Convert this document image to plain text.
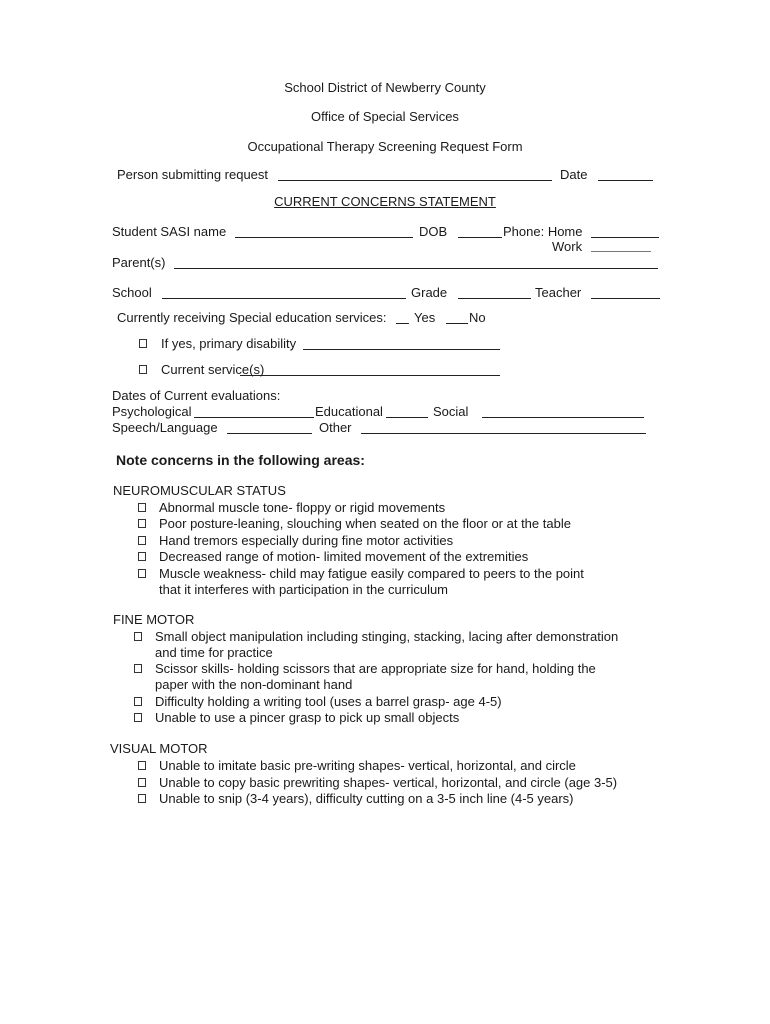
School District of Newberry County
Office of Special Services
Occupational Therapy Screening Request Form
Person submitting request	Date
CURRENT CONCERNS STATEMENT
Student SASI name	DOB	Phone: Home
Work
Parent(s)
School	Grade	Teacher
Currently receiving Special education services: Yes	No
If yes, primary disability
Current service(s)
Dates of Current evaluations:
Psychological	Educational	Social
Speech/Language	Other
Note concerns in the following areas:
NEUROMUSCULAR STATUS
Abnormal muscle tone- floppy or rigid movements
Poor posture-leaning, slouching when seated on the floor or at the table
Hand tremors especially during fine motor activities
Decreased range of motion- limited movement of the extremities
Muscle weakness- child may fatigue easily compared to peers to the point
that it interferes with participation in the curriculum
FINE MOTOR
Small object manipulation including stinging, stacking, lacing after demonstration
and time for practice
Scissor skills- holding scissors that are appropriate size for hand, holding the
paper with the non-dominant hand
Difficulty holding a writing tool (uses a barrel grasp- age 4-5)
Unable to use a pincer grasp to pick up small objects
VISUAL MOTOR
Unable to imitate basic pre-writing shapes- vertical, horizontal, and circle
Unable to copy basic prewriting shapes- vertical, horizontal, and circle (age 3-5)
Unable to snip (3-4 years), difficulty cutting on a 3-5 inch line (4-5 years)
